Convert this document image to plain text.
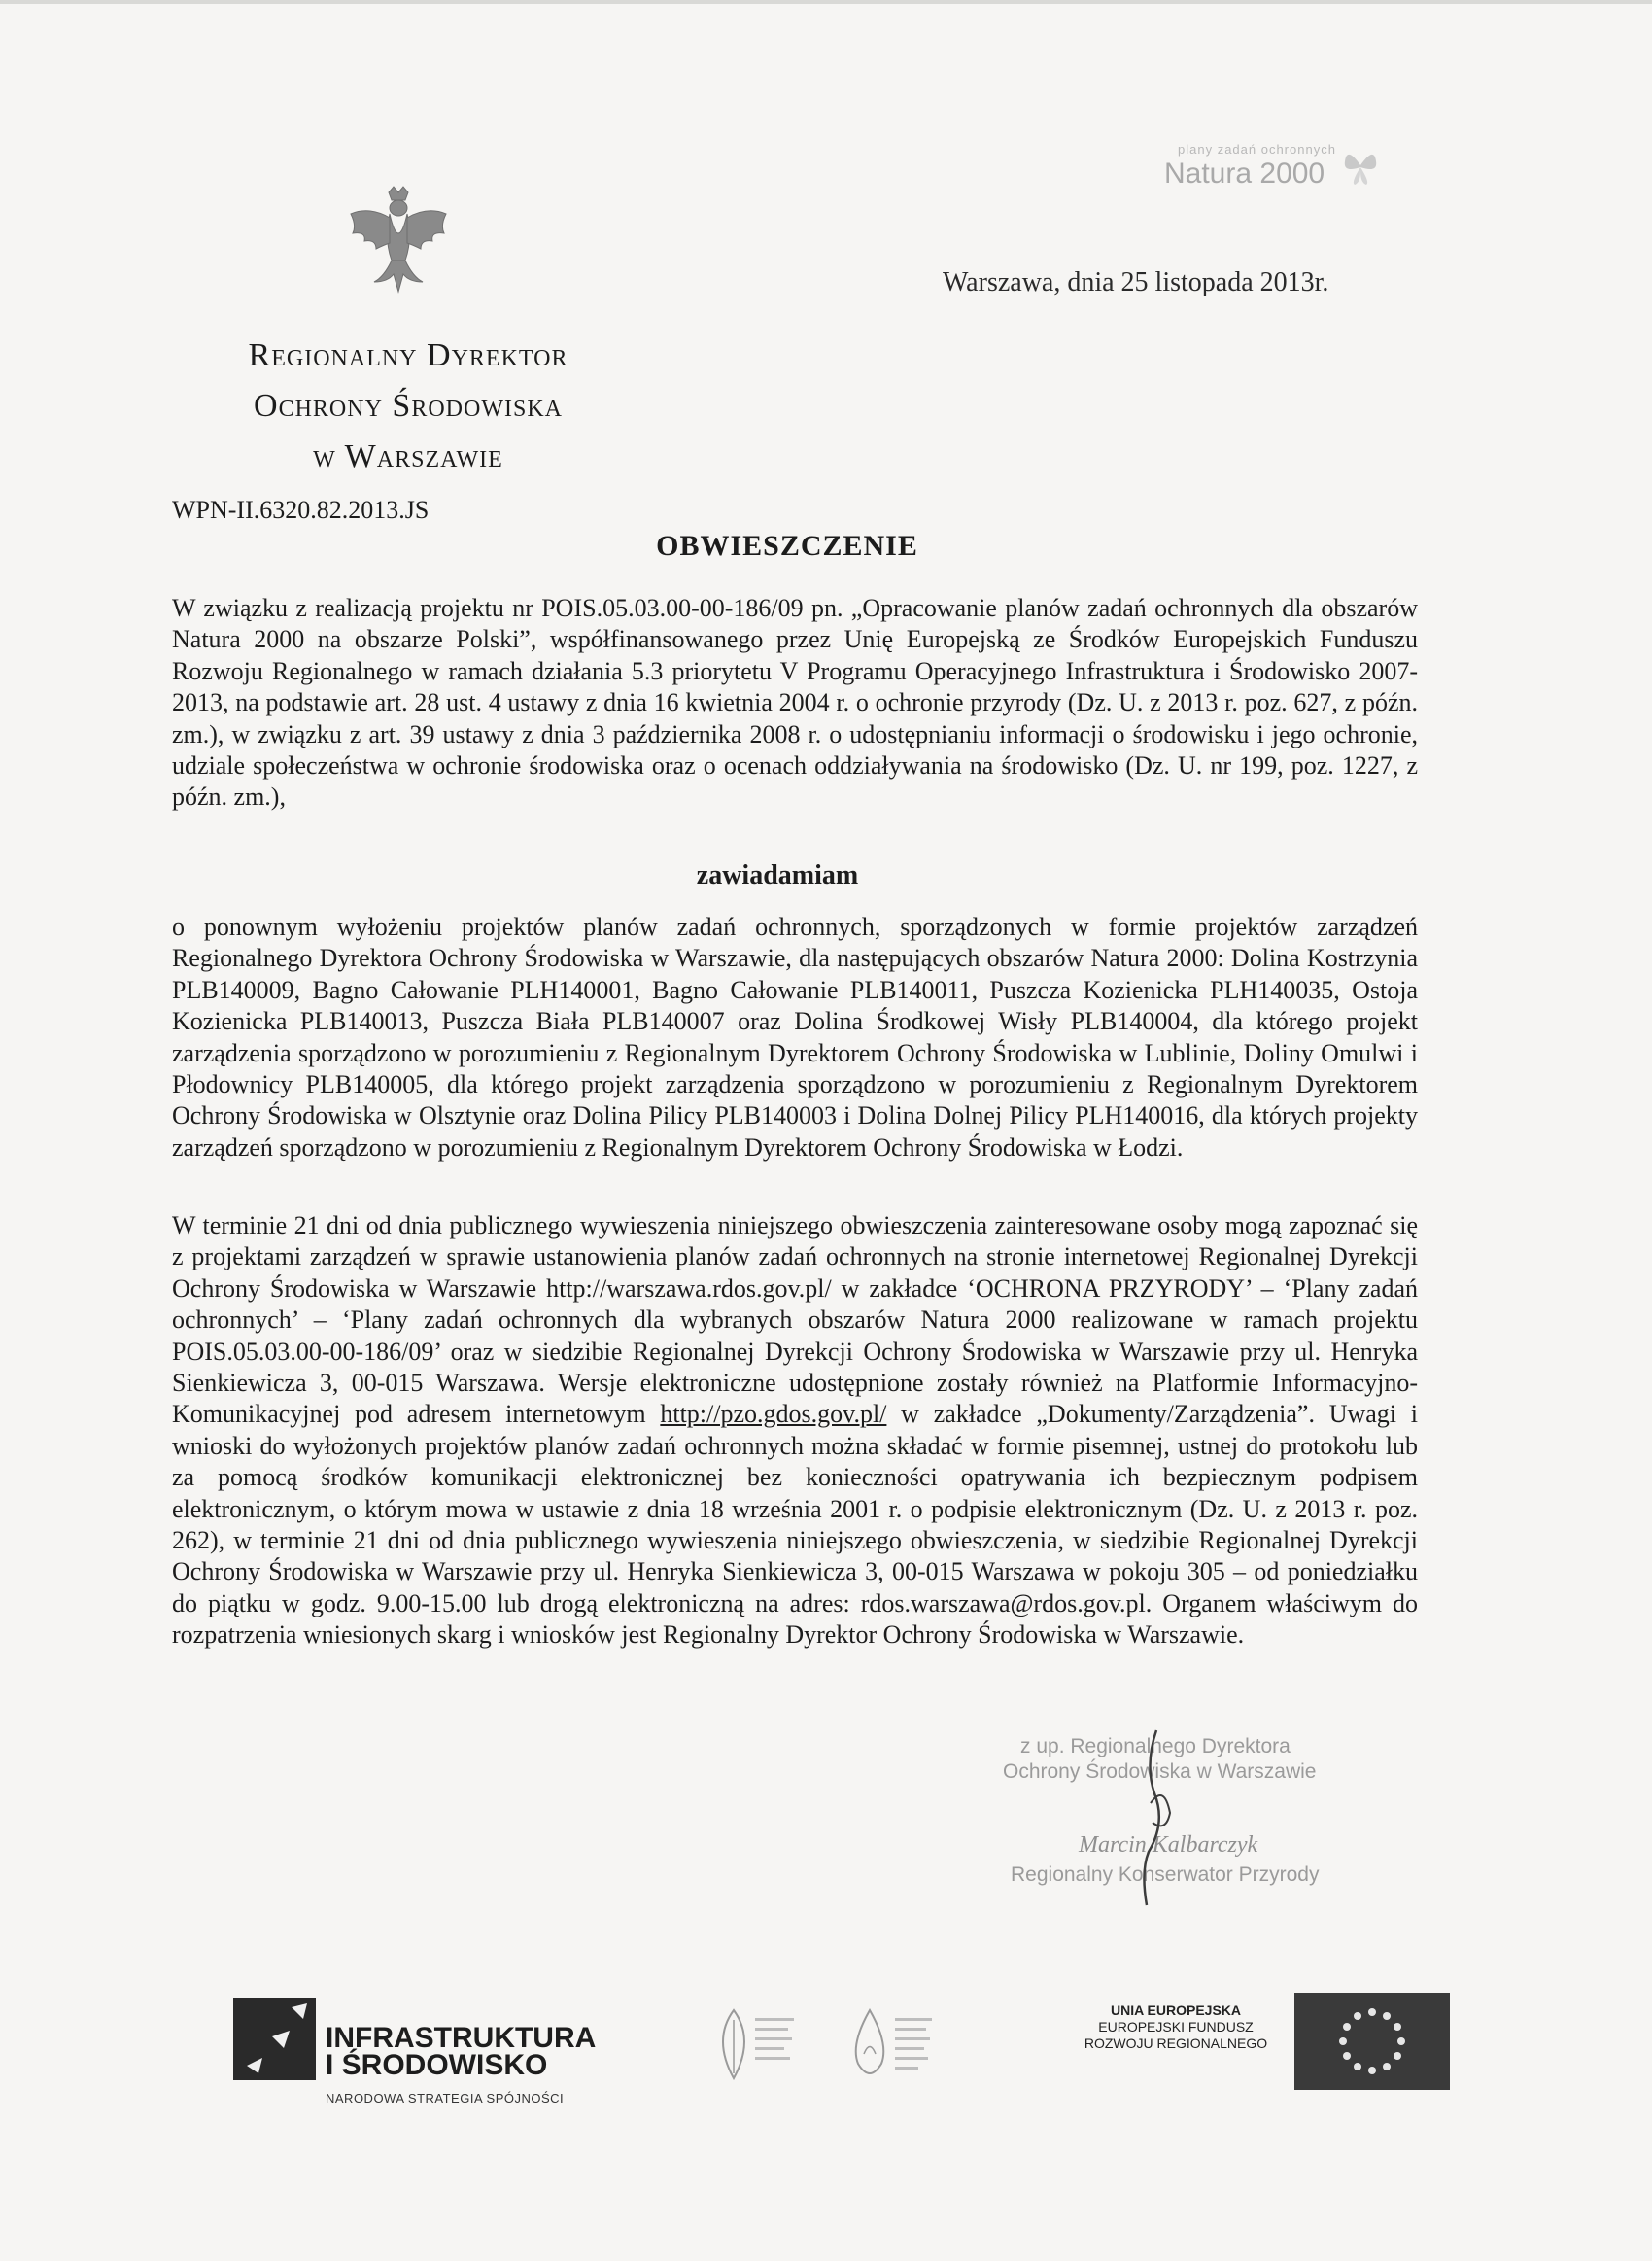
plany zadań ochronnych
Natura 2000
Warszawa, dnia 25 listopada 2013r.
Regionalny Dyrektor
Ochrony Środowiska
w Warszawie
WPN-II.6320.82.2013.JS
OBWIESZCZENIE
W związku z realizacją projektu nr POIS.05.03.00-00-186/09 pn. „Opracowanie planów zadań ochronnych dla obszarów Natura 2000 na obszarze Polski”, współfinansowanego przez Unię Europejską ze Środków Europejskich Funduszu Rozwoju Regionalnego w ramach działania 5.3 priorytetu V Programu Operacyjnego Infrastruktura i Środowisko 2007-2013, na podstawie art. 28 ust. 4 ustawy z dnia 16 kwietnia 2004 r. o ochronie przyrody (Dz. U. z 2013 r. poz. 627, z późn. zm.), w związku z art. 39 ustawy z dnia 3 października 2008 r. o udostępnianiu informacji o środowisku i jego ochronie, udziale społeczeństwa w ochronie środowiska oraz o ocenach oddziaływania na środowisko (Dz. U. nr 199, poz. 1227, z późn. zm.),
zawiadamiam
o ponownym wyłożeniu projektów planów zadań ochronnych, sporządzonych w formie projektów zarządzeń Regionalnego Dyrektora Ochrony Środowiska w Warszawie, dla następujących obszarów Natura 2000: Dolina Kostrzynia PLB140009, Bagno Całowanie PLH140001, Bagno Całowanie PLB140011, Puszcza Kozienicka PLH140035, Ostoja Kozienicka PLB140013, Puszcza Biała PLB140007 oraz Dolina Środkowej Wisły PLB140004, dla którego projekt zarządzenia sporządzono w porozumieniu z Regionalnym Dyrektorem Ochrony Środowiska w Lublinie, Doliny Omulwi i Płodownicy PLB140005, dla którego projekt zarządzenia sporządzono w porozumieniu z Regionalnym Dyrektorem Ochrony Środowiska w Olsztynie oraz Dolina Pilicy PLB140003 i Dolina Dolnej Pilicy PLH140016, dla których projekty zarządzeń sporządzono w porozumieniu z Regionalnym Dyrektorem Ochrony Środowiska w Łodzi.
W terminie 21 dni od dnia publicznego wywieszenia niniejszego obwieszczenia zainteresowane osoby mogą zapoznać się z projektami zarządzeń w sprawie ustanowienia planów zadań ochronnych na stronie internetowej Regionalnej Dyrekcji Ochrony Środowiska w Warszawie http://warszawa.rdos.gov.pl/ w zakładce ‘OCHRONA PRZYRODY’ – ‘Plany zadań ochronnych’ – ‘Plany zadań ochronnych dla wybranych obszarów Natura 2000 realizowane w ramach projektu POIS.05.03.00-00-186/09’ oraz w siedzibie Regionalnej Dyrekcji Ochrony Środowiska w Warszawie przy ul. Henryka Sienkiewicza 3, 00-015 Warszawa. Wersje elektroniczne udostępnione zostały również na Platformie Informacyjno-Komunikacyjnej pod adresem internetowym http://pzo.gdos.gov.pl/ w zakładce „Dokumenty/Zarządzenia”. Uwagi i wnioski do wyłożonych projektów planów zadań ochronnych można składać w formie pisemnej, ustnej do protokołu lub za pomocą środków komunikacji elektronicznej bez konieczności opatrywania ich bezpiecznym podpisem elektronicznym, o którym mowa w ustawie z dnia 18 września 2001 r. o podpisie elektronicznym (Dz. U. z 2013 r. poz. 262), w terminie 21 dni od dnia publicznego wywieszenia niniejszego obwieszczenia, w siedzibie Regionalnej Dyrekcji Ochrony Środowiska w Warszawie przy ul. Henryka Sienkiewicza 3, 00-015 Warszawa w pokoju 305 – od poniedziałku do piątku w godz. 9.00-15.00 lub drogą elektroniczną na adres: rdos.warszawa@rdos.gov.pl. Organem właściwym do rozpatrzenia wniesionych skarg i wniosków jest Regionalny Dyrektor Ochrony Środowiska w Warszawie.
z up. Regionalnego Dyrektora
Ochrony Środowiska w Warszawie
Marcin Kalbarczyk
Regionalny Konserwator Przyrody
INFRASTRUKTURA
I ŚRODOWISKO
NARODOWA STRATEGIA SPÓJNOŚCI
UNIA EUROPEJSKA
EUROPEJSKI FUNDUSZ
ROZWOJU REGIONALNEGO
